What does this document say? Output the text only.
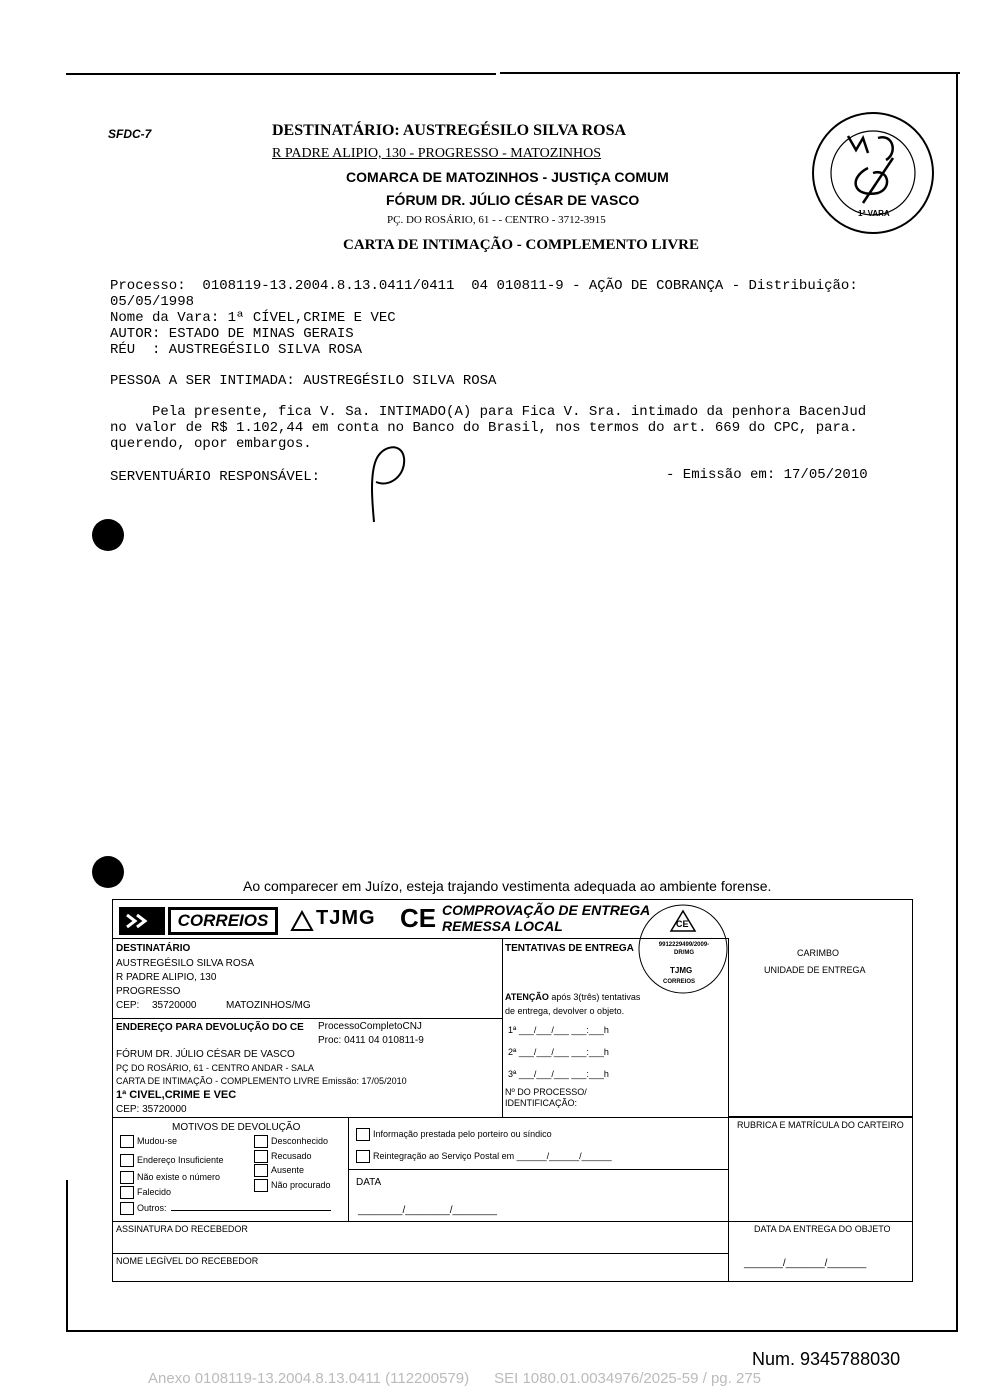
SFDC-7	DESTINATÁRIO: AUSTREGÉSILO SILVA ROSA
R PADRE ALIPIO, 130 - PROGRESSO - MATOZINHOS
COMARCA DE MATOZINHOS - JUSTIÇA COMUM
FÓRUM DR. JÚLIO CÉSAR DE VASCO
PÇ. DO ROSÁRIO, 61 - - CENTRO - 3712-3915
CARTA DE INTIMAÇÃO - COMPLEMENTO LIVRE
1ª VARA
Processo:  0108119-13.2004.8.13.0411/0411  04 010811-9 - AÇÃO DE COBRANÇA - Distribuição:
05/05/1998
Nome da Vara: 1ª CÍVEL,CRIME E VEC
AUTOR: ESTADO DE MINAS GERAIS
RÉU  : AUSTREGÉSILO SILVA ROSA
PESSOA A SER INTIMADA: AUSTREGÉSILO SILVA ROSA
Pela presente, fica V. Sa. INTIMADO(A) para Fica V. Sra. intimado da penhora BacenJud
no valor de R$ 1.102,44 em conta no Banco do Brasil, nos termos do art. 669 do CPC, para.
querendo, opor embargos.
SERVENTUÁRIO RESPONSÁVEL:	- Emissão em: 17/05/2010
Ao comparecer em Juízo, esteja trajando vestimenta adequada ao ambiente forense.
CORREIOS	TJMG CE COMPROVAÇÃO DE ENTREGA
REMESSA LOCAL	CE
9912229499/2009-DR/MG
TJMG
CORREIOS
DESTINATÁRIO
AUSTREGÉSILO SILVA ROSA
R PADRE ALIPIO, 130
PROGRESSO
CEP: 35720000	MATOZINHOS/MG
TENTATIVAS DE ENTREGA
ATENÇÃO após 3(três) tentativas
de entrega, devolver o objeto.
1ª ___/___/___ ___:___h
2ª ___/___/___ ___:___h
3ª ___/___/___ ___:___h
CARIMBO
UNIDADE DE ENTREGA
ENDEREÇO PARA DEVOLUÇÃO DO CE ProcessoCompletoCNJ
Proc: 0411 04 010811-9
FÓRUM DR. JÚLIO CÉSAR DE VASCO
PÇ DO ROSÁRIO, 61 - CENTRO ANDAR - SALA
CARTA DE INTIMAÇÃO - COMPLEMENTO LIVRE Emissão: 17/05/2010
1ª CIVEL,CRIME E VEC
CEP: 35720000
Nº DO PROCESSO/
IDENTIFICAÇÃO:
MOTIVOS DE DEVOLUÇÃO
Mudou-se
Endereço Insuficiente
Não existe o número
Falecido
Outros:
Desconhecido
Recusado
Ausente
Não procurado
Informação prestada pelo porteiro ou síndico
Reintegração ao Serviço Postal em ______/______/______
DATA
________/________/________
RUBRICA E MATRÍCULA DO CARTEIRO
ASSINATURA DO RECEBEDOR	DATA DA ENTREGA DO OBJETO
NOME LEGÍVEL DO RECEBEDOR	_______/_______/_______
Num. 9345788030
Anexo 0108119-13.2004.8.13.0411 (112200579)      SEI 1080.01.0034976/2025-59 / pg. 275
